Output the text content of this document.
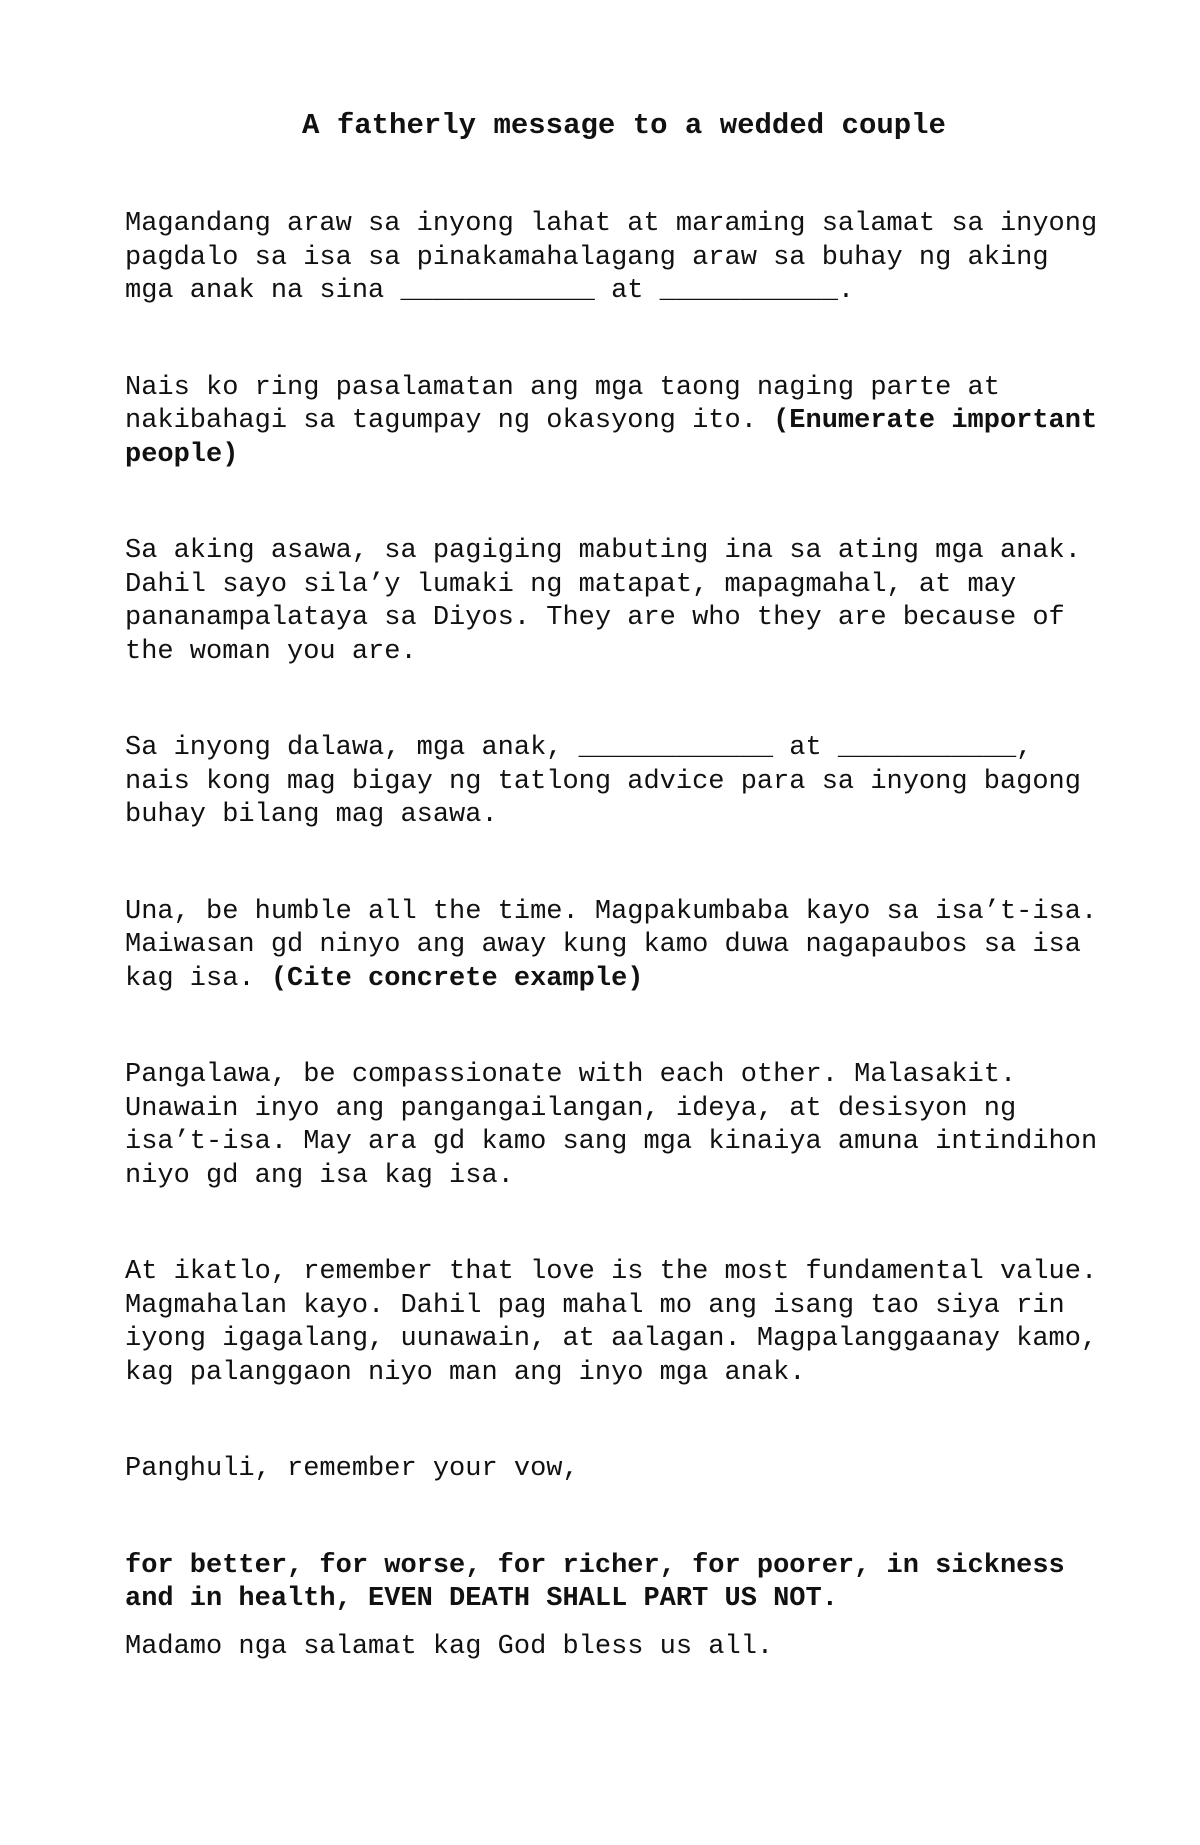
A fatherly message to a wedded couple

Magandang araw sa inyong lahat at maraming salamat sa inyong
pagdalo sa isa sa pinakamahalagang araw sa buhay ng aking
mga anak na sina ____________ at ___________.

Nais ko ring pasalamatan ang mga taong naging parte at
nakibahagi sa tagumpay ng okasyong ito. (Enumerate important
people)

Sa aking asawa, sa pagiging mabuting ina sa ating mga anak.
Dahil sayo sila’y lumaki ng matapat, mapagmahal, at may
pananampalataya sa Diyos. They are who they are because of
the woman you are.

Sa inyong dalawa, mga anak, ____________ at ___________,
nais kong mag bigay ng tatlong advice para sa inyong bagong
buhay bilang mag asawa.

Una, be humble all the time. Magpakumbaba kayo sa isa’t-isa.
Maiwasan gd ninyo ang away kung kamo duwa nagapaubos sa isa
kag isa. (Cite concrete example)

Pangalawa, be compassionate with each other. Malasakit.
Unawain inyo ang pangangailangan, ideya, at desisyon ng
isa’t-isa. May ara gd kamo sang mga kinaiya amuna intindihon
niyo gd ang isa kag isa.

At ikatlo, remember that love is the most fundamental value.
Magmahalan kayo. Dahil pag mahal mo ang isang tao siya rin
iyong igagalang, uunawain, at aalagan. Magpalanggaanay kamo,
kag palanggaon niyo man ang inyo mga anak.

Panghuli, remember your vow,

for better, for worse, for richer, for poorer, in sickness
and in health, EVEN DEATH SHALL PART US NOT.

Madamo nga salamat kag God bless us all.
